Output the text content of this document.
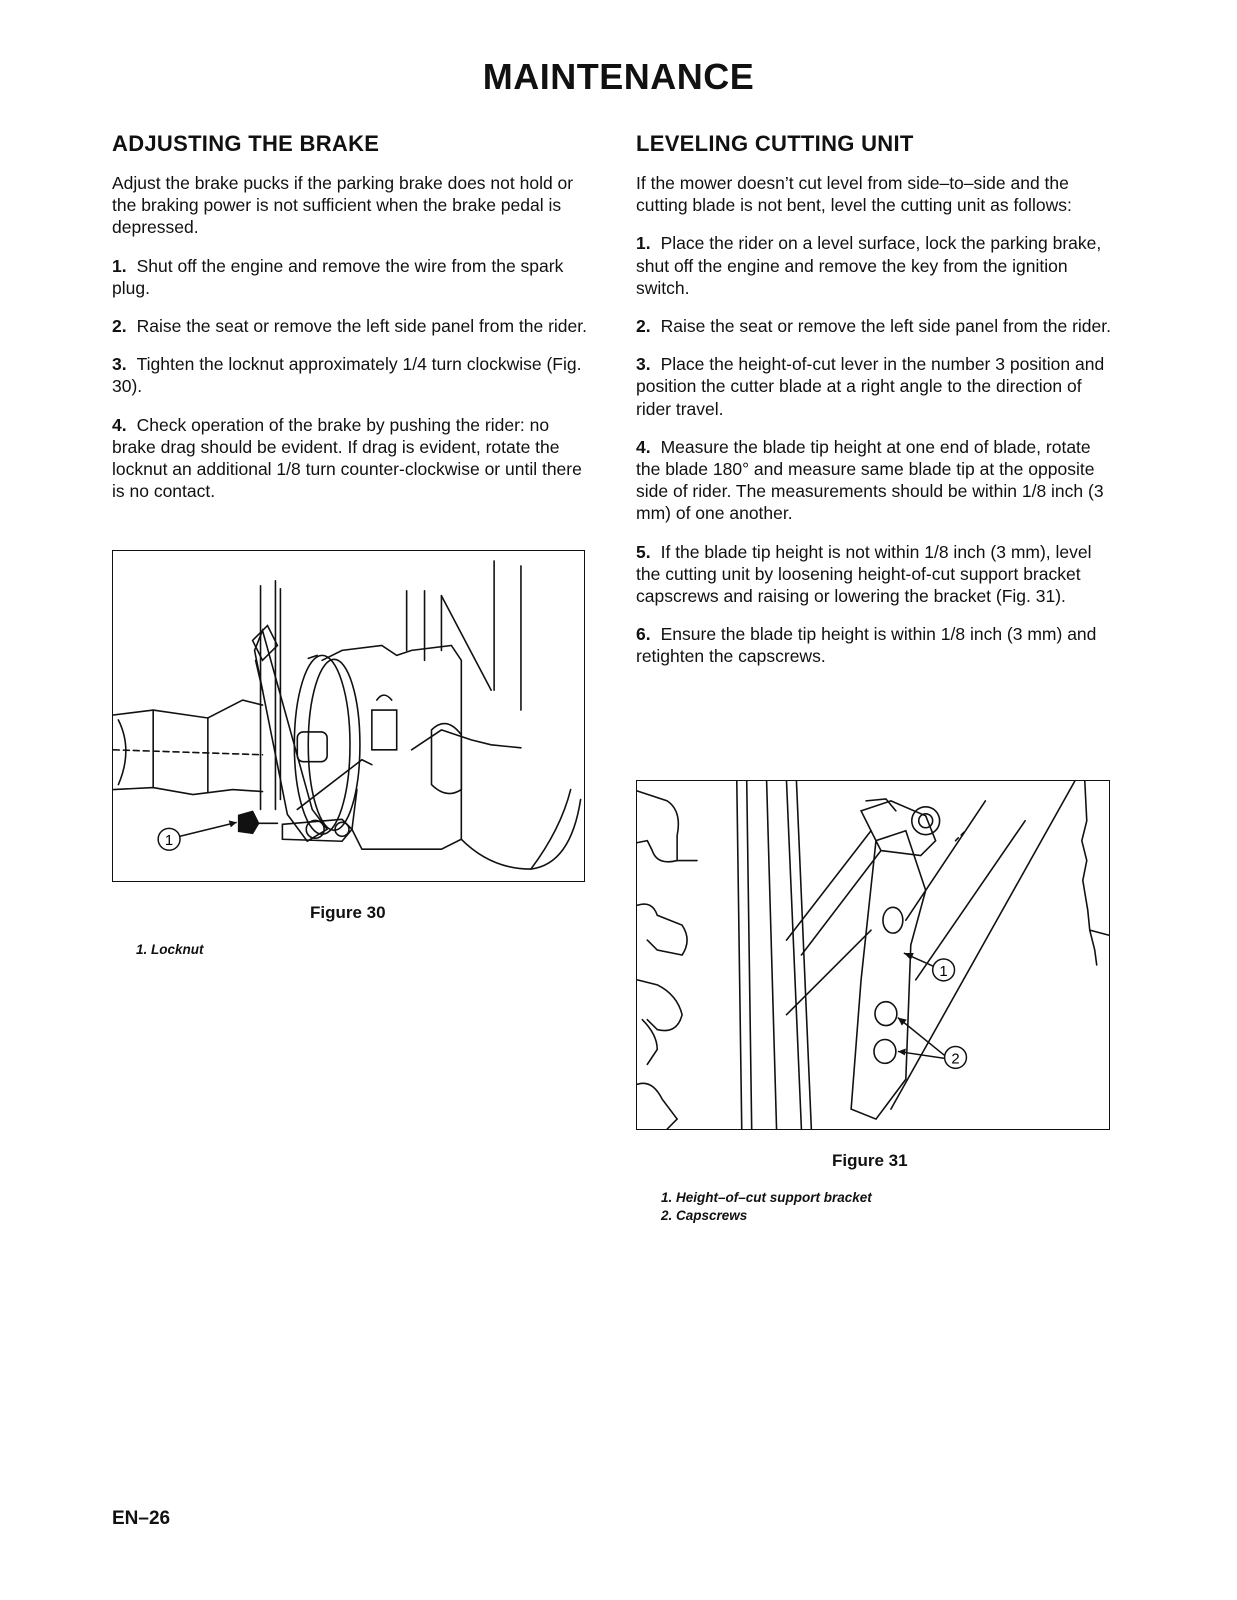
MAINTENANCE
ADJUSTING THE BRAKE

Adjust the brake pucks if the parking brake does not hold or the braking power is not sufficient when the brake pedal is depressed.

1. Shut off the engine and remove the wire from the spark plug.

2. Raise the seat or remove the left side panel from the rider.

3. Tighten the locknut approximately 1/4 turn clockwise (Fig. 30).

4. Check operation of the brake by pushing the rider: no brake drag should be evident. If drag is evident, rotate the locknut an additional 1/8 turn counter-clockwise or until there is no contact.

1
Figure 30
1. Locknut
LEVELING CUTTING UNIT

If the mower doesn’t cut level from side–to–side and the cutting blade is not bent, level the cutting unit as follows:

1. Place the rider on a level surface, lock the parking brake, shut off the engine and remove the key from the ignition switch.

2. Raise the seat or remove the left side panel from the rider.

3. Place the height-of-cut lever in the number 3 position and position the cutter blade at a right angle to the direction of rider travel.

4. Measure the blade tip height at one end of blade, rotate the blade 180° and measure same blade tip at the opposite side of rider. The measurements should be within 1/8 inch (3 mm) of one another.

5. If the blade tip height is not within 1/8 inch (3 mm), level the cutting unit by loosening height-of-cut support bracket capscrews and raising or lowering the bracket (Fig. 31).

6. Ensure the blade tip height is within 1/8 inch (3 mm) and retighten the capscrews.

1
2
Figure 31
1. Height–of–cut support bracket
2. Capscrews
EN–26
